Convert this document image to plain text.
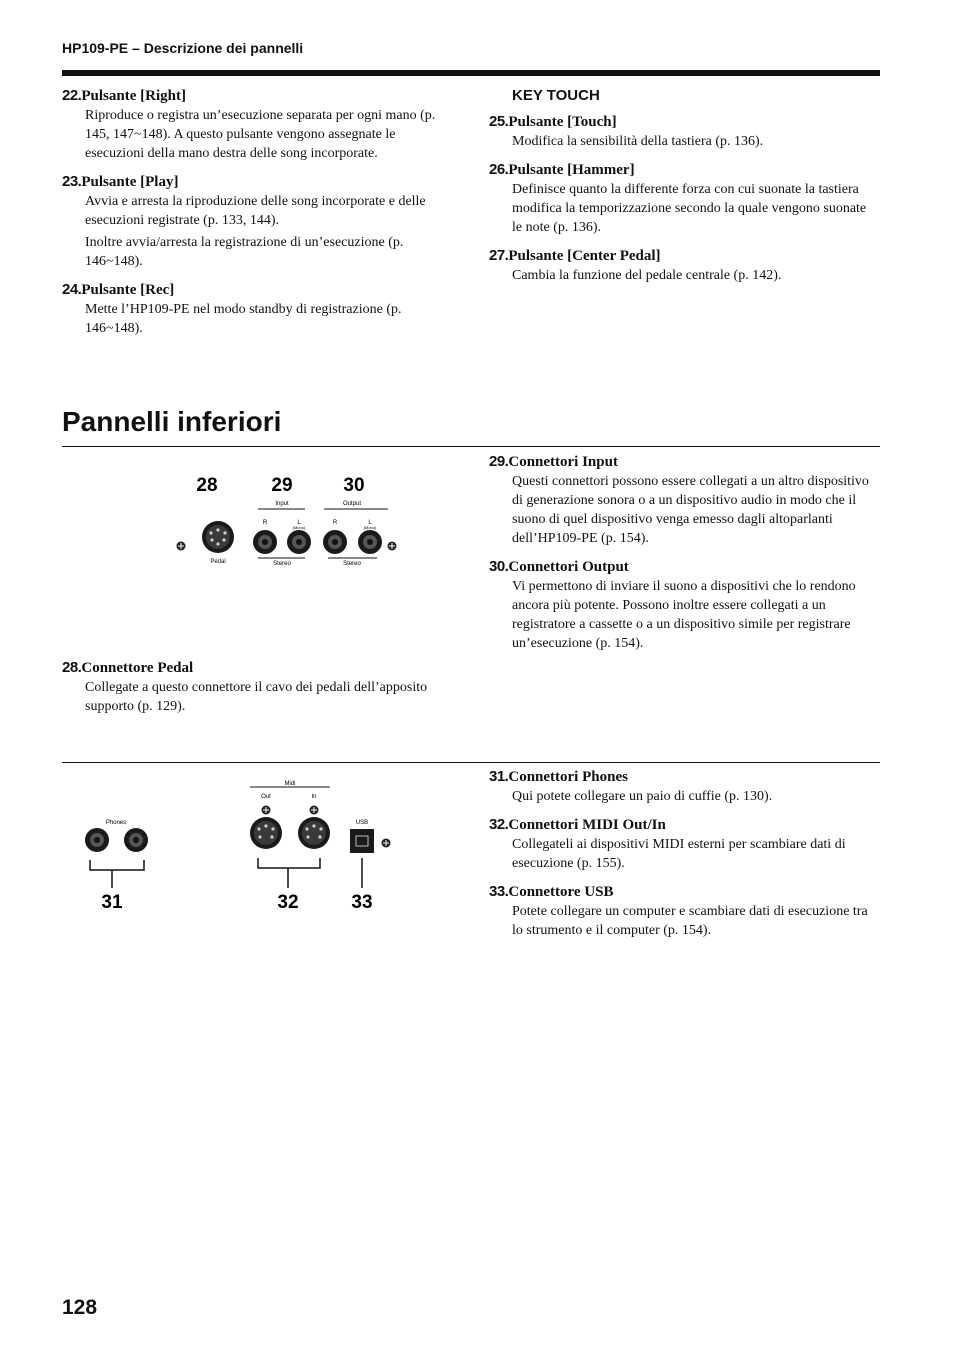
HP109-PE – Descrizione dei pannelli
22.Pulsante [Right]

Riproduce o registra un’esecuzione separata per ogni mano (p. 145, 147~148). A questo pulsante vengono assegnate le esecuzioni della mano destra delle song incorporate.

23.Pulsante [Play]

Avvia e arresta la riproduzione delle song incorporate e delle esecuzioni registrate (p. 133, 144).

Inoltre avvia/arresta la registrazione di un’esecuzione (p. 146~148).

24.Pulsante [Rec]

Mette l’HP109-PE nel modo standby di registrazione (p. 146~148).

KEY TOUCH
25.Pulsante [Touch]

Modifica la sensibilità della tastiera (p. 136).

26.Pulsante [Hammer]

Definisce quanto la differente forza con cui suonate la tastiera modifica la temporizzazione secondo la quale vengono suonate le note (p. 136).

27.Pulsante [Center Pedal]

Cambia la funzione del pedale centrale (p. 142).

Pannelli inferiori
28	29	30
Input	Output
R	L
(Mono)
R	L
(Mono)
Pedal	Stereo	Stereo
28.Connettore Pedal

Collegate a questo connettore il cavo dei pedali dell’apposito supporto (p. 129).

29.Connettori Input

Questi connettori possono essere collegati a un altro dispositivo di generazione sonora o a un dispositivo audio in modo che il suono di quel dispositivo venga emesso dagli altoparlanti dell’HP109-PE (p. 154).

30.Connettori Output

Vi permettono di inviare il suono a dispositivi che lo rendono ancora più potente. Possono inoltre essere collegati a un registratore a cassette o a un dispositivo simile per registrare un’esecuzione (p. 154).

Phones
Midi
Out	In
USB
31	32	33
31.Connettori Phones

Qui potete collegare un paio di cuffie (p. 130).

32.Connettori MIDI Out/In

Collegateli ai dispositivi MIDI esterni per scambiare dati di esecuzione (p. 155).

33.Connettore USB

Potete collegare un computer e scambiare dati di esecuzione tra lo strumento e il computer (p. 154).

128
